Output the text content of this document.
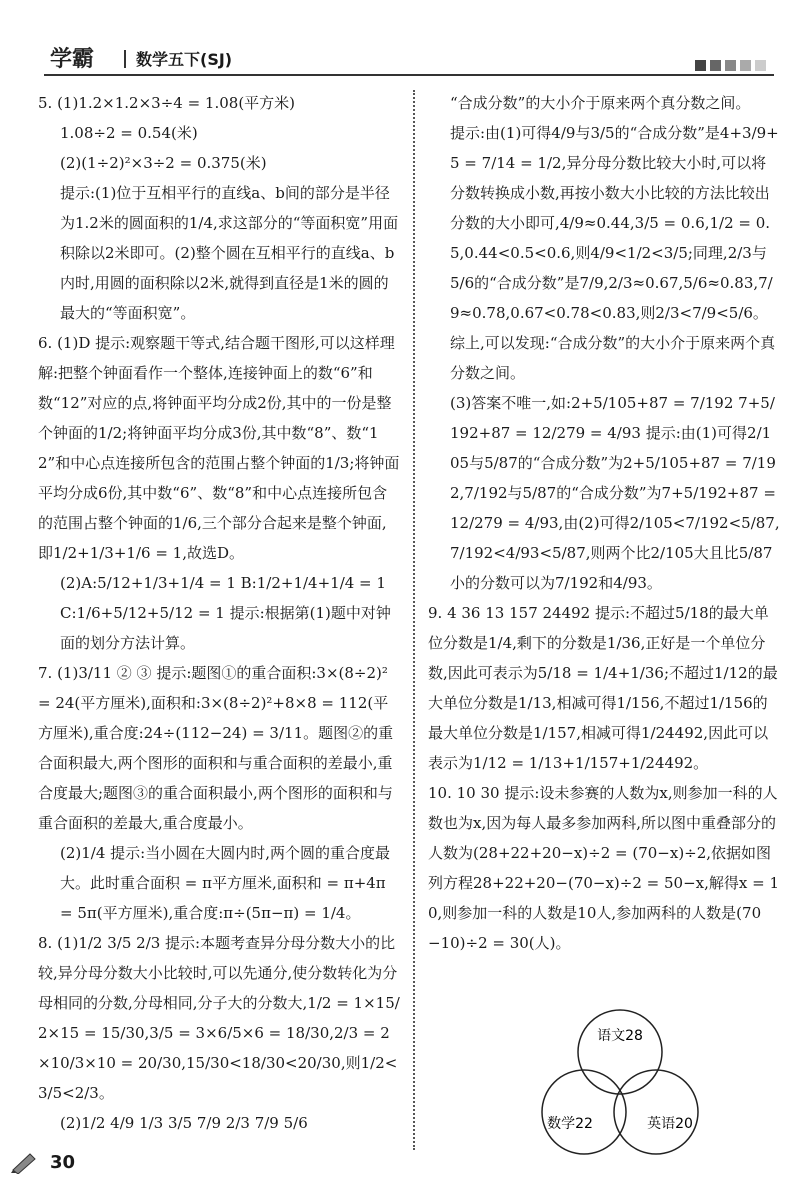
学霸	数学五下(SJ)

5. (1)1.2×1.2×3÷4 = 1.08(平方米)

1.08÷2 = 0.54(米)

(2)(1÷2)²×3÷2 = 0.375(米)

提示:(1)位于互相平行的直线a、b间的部分是半径为1.2米的圆面积的1/4,求这部分的“等面积宽”用面积除以2米即可。(2)整个圆在互相平行的直线a、b内时,用圆的面积除以2米,就得到直径是1米的圆的最大的“等面积宽”。

6. (1)D 提示:观察题干等式,结合题干图形,可以这样理解:把整个钟面看作一个整体,连接钟面上的数“6”和数“12”对应的点,将钟面平均分成2份,其中的一份是整个钟面的1/2;将钟面平均分成3份,其中数“8”、数“12”和中心点连接所包含的范围占整个钟面的1/3;将钟面平均分成6份,其中数“6”、数“8”和中心点连接所包含的范围占整个钟面的1/6,三个部分合起来是整个钟面,即1/2+1/3+1/6 = 1,故选D。

(2)A:5/12+1/3+1/4 = 1 B:1/2+1/4+1/4 = 1 C:1/6+5/12+5/12 = 1 提示:根据第(1)题中对钟面的划分方法计算。

7. (1)3/11 ② ③ 提示:题图①的重合面积:3×(8÷2)² = 24(平方厘米),面积和:3×(8÷2)²+8×8 = 112(平方厘米),重合度:24÷(112−24) = 3/11。题图②的重合面积最大,两个图形的面积和与重合面积的差最小,重合度最大;题图③的重合面积最小,两个图形的面积和与重合面积的差最大,重合度最小。

(2)1/4 提示:当小圆在大圆内时,两个圆的重合度最大。此时重合面积 = π平方厘米,面积和 = π+4π = 5π(平方厘米),重合度:π÷(5π−π) = 1/4。

8. (1)1/2 3/5 2/3 提示:本题考查异分母分数大小的比较,异分母分数大小比较时,可以先通分,使分数转化为分母相同的分数,分母相同,分子大的分数大,1/2 = 1×15/2×15 = 15/30,3/5 = 3×6/5×6 = 18/30,2/3 = 2×10/3×10 = 20/30,15/30<18/30<20/30,则1/2<3/5<2/3。

(2)1/2 4/9 1/3 3/5 7/9 2/3 7/9 5/6

“合成分数”的大小介于原来两个真分数之间。

提示:由(1)可得4/9与3/5的“合成分数”是4+3/9+5 = 7/14 = 1/2,异分母分数比较大小时,可以将分数转换成小数,再按小数大小比较的方法比较出分数的大小即可,4/9≈0.44,3/5 = 0.6,1/2 = 0.5,0.44<0.5<0.6,则4/9<1/2<3/5;同理,2/3与5/6的“合成分数”是7/9,2/3≈0.67,5/6≈0.83,7/9≈0.78,0.67<0.78<0.83,则2/3<7/9<5/6。综上,可以发现:“合成分数”的大小介于原来两个真分数之间。

(3)答案不唯一,如:2+5/105+87 = 7/192 7+5/192+87 = 12/279 = 4/93 提示:由(1)可得2/105与5/87的“合成分数”为2+5/105+87 = 7/192,7/192与5/87的“合成分数”为7+5/192+87 = 12/279 = 4/93,由(2)可得2/105<7/192<5/87,7/192<4/93<5/87,则两个比2/105大且比5/87小的分数可以为7/192和4/93。

9. 4 36 13 157 24492 提示:不超过5/18的最大单位分数是1/4,剩下的分数是1/36,正好是一个单位分数,因此可表示为5/18 = 1/4+1/36;不超过1/12的最大单位分数是1/13,相减可得1/156,不超过1/156的最大单位分数是1/157,相减可得1/24492,因此可以表示为1/12 = 1/13+1/157+1/24492。

10. 10 30 提示:设未参赛的人数为x,则参加一科的人数也为x,因为每人最多参加两科,所以图中重叠部分的人数为(28+22+20−x)÷2 = (70−x)÷2,依据如图列方程28+22+20−(70−x)÷2 = 50−x,解得x = 10,则参加一科的人数是10人,参加两科的人数是(70−10)÷2 = 30(人)。

语文28
数学22	英语20
30
